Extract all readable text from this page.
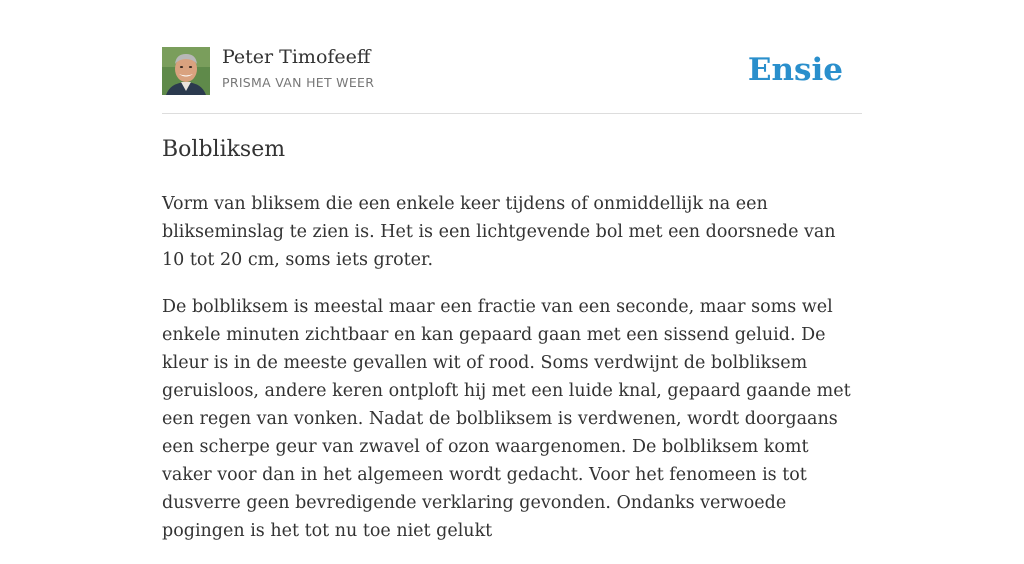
Peter Timofeeff
PRISMA VAN HET WEER	Ensie
Bolbliksem

Vorm van bliksem die een enkele keer tijdens of onmiddellijk na een blikseminslag te zien is. Het is een lichtgevende bol met een doorsnede van 10 tot 20 cm, soms iets groter.

De bolbliksem is meestal maar een fractie van een seconde, maar soms wel enkele minuten zichtbaar en kan gepaard gaan met een sissend geluid. De kleur is in de meeste gevallen wit of rood. Soms verdwijnt de bolbliksem geruisloos, andere keren ontploft hij met een luide knal, gepaard gaande met een regen van vonken. Nadat de bolbliksem is verdwenen, wordt doorgaans een scherpe geur van zwavel of ozon waargenomen. De bolbliksem komt vaker voor dan in het algemeen wordt gedacht. Voor het fenomeen is tot dusverre geen bevredigende verklaring gevonden. Ondanks verwoede pogingen is het tot nu toe niet gelukt
